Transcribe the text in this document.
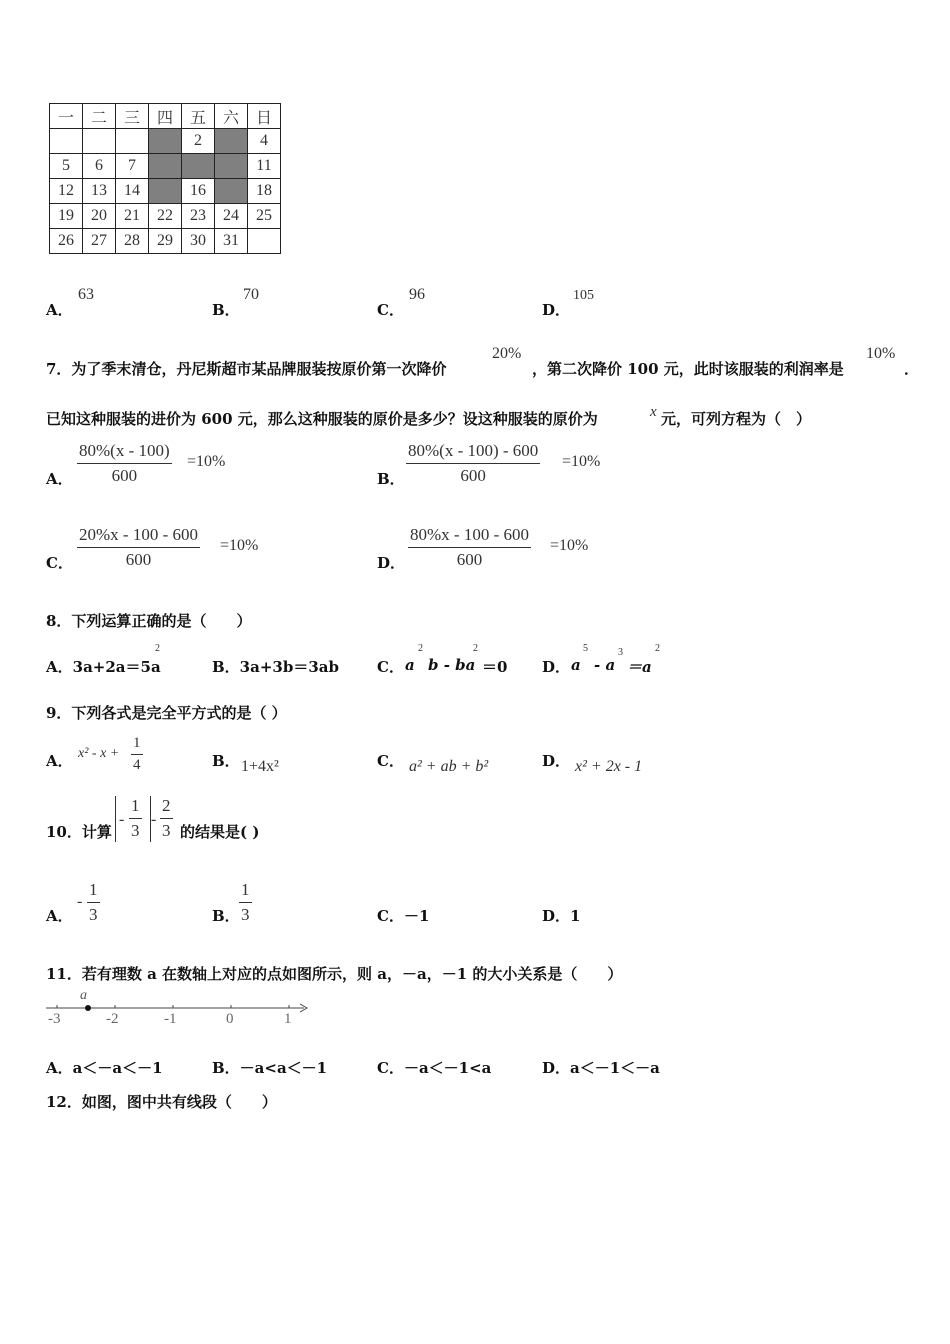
一	二	三	四	五	六	日
				2		4
5	6	7				11
12	13	14		16		18
19	20	21	22	23	24	25
26	27	28	29	30	31	
A．
63
B．
70
C．
96
D．
105
7．为了季末清仓，丹尼斯超市某品牌服装按原价第一次降价
20%
，第二次降价 100 元，此时该服装的利润率是
10%
．
已知这种服装的进价为 600 元，那么这种服装的原价是多少？设这种服装的原价为	x 元，可列方程为（　）
A． $\frac{80\%(x - 100)}{600} =10\%$
B． $\frac{80\%(x - 100) - 600}{600} =10\%$
C． $\frac{20\%x - 100 - 600}{600} =10\%$
D． $\frac{80\%x - 100 - 600}{600} =10\%$
8．下列运算正确的是（　　）
A．3a+2a＝5a
2
B．3a+3b＝3ab	C． a
2
b - ba
2
＝0 D． a
5
- a
3
＝a
2
9．下列各式是完全平方式的是（ ）
A． $x^2 - x + \frac{1}{4}$	B． 1+4x²	C． a² + ab + b²	D． x² + 2x - 1
10．计算
- $\frac{1}{3} - \frac{2}{3}$ 的结果是( )
A．
- $\frac{1}{3}$	B． $\frac{1}{3}$	C．－1	D．1
11．若有理数 a 在数轴上对应的点如图所示，则 a，－a，－1 的大小关系是（　　）
a
-3	-2	-1	0	1
A．a＜－a＜－1	B．－a<a＜－1	C．－a＜－1<a	D．a＜－1＜－a
12．如图，图中共有线段（　　）
